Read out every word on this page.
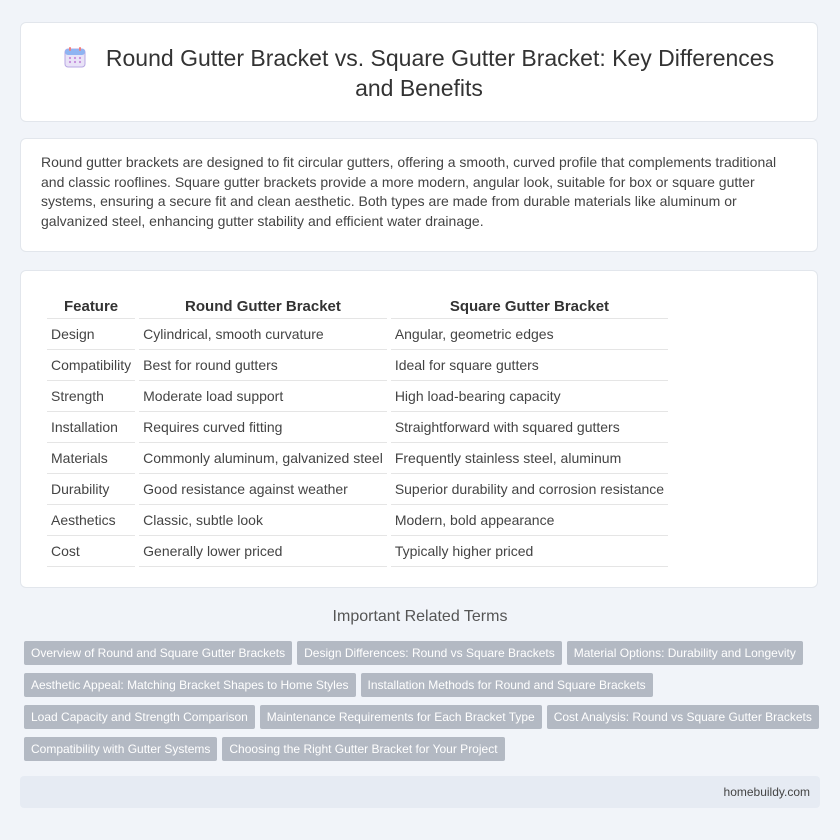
Round Gutter Bracket vs. Square Gutter Bracket: Key Differences and Benefits

Round gutter brackets are designed to fit circular gutters, offering a smooth, curved profile that complements traditional and classic rooflines. Square gutter brackets provide a more modern, angular look, suitable for box or square gutter systems, ensuring a secure fit and clean aesthetic. Both types are made from durable materials like aluminum or galvanized steel, enhancing gutter stability and efficient water drainage.

Feature	Round Gutter Bracket	Square Gutter Bracket
Design	Cylindrical, smooth curvature	Angular, geometric edges
Compatibility	Best for round gutters	Ideal for square gutters
Strength	Moderate load support	High load-bearing capacity
Installation	Requires curved fitting	Straightforward with squared gutters
Materials	Commonly aluminum, galvanized steel	Frequently stainless steel, aluminum
Durability	Good resistance against weather	Superior durability and corrosion resistance
Aesthetics	Classic, subtle look	Modern, bold appearance
Cost	Generally lower priced	Typically higher priced
Important Related Terms
Overview of Round and Square Gutter Brackets Design Differences: Round vs Square Brackets Material Options: Durability and LongevityAesthetic Appeal: Matching Bracket Shapes to Home Styles Installation Methods for Round and Square BracketsLoad Capacity and Strength Comparison Maintenance Requirements for Each Bracket Type Cost Analysis: Round vs Square Gutter BracketsCompatibility with Gutter Systems Choosing the Right Gutter Bracket for Your Project
homebuildy.com
